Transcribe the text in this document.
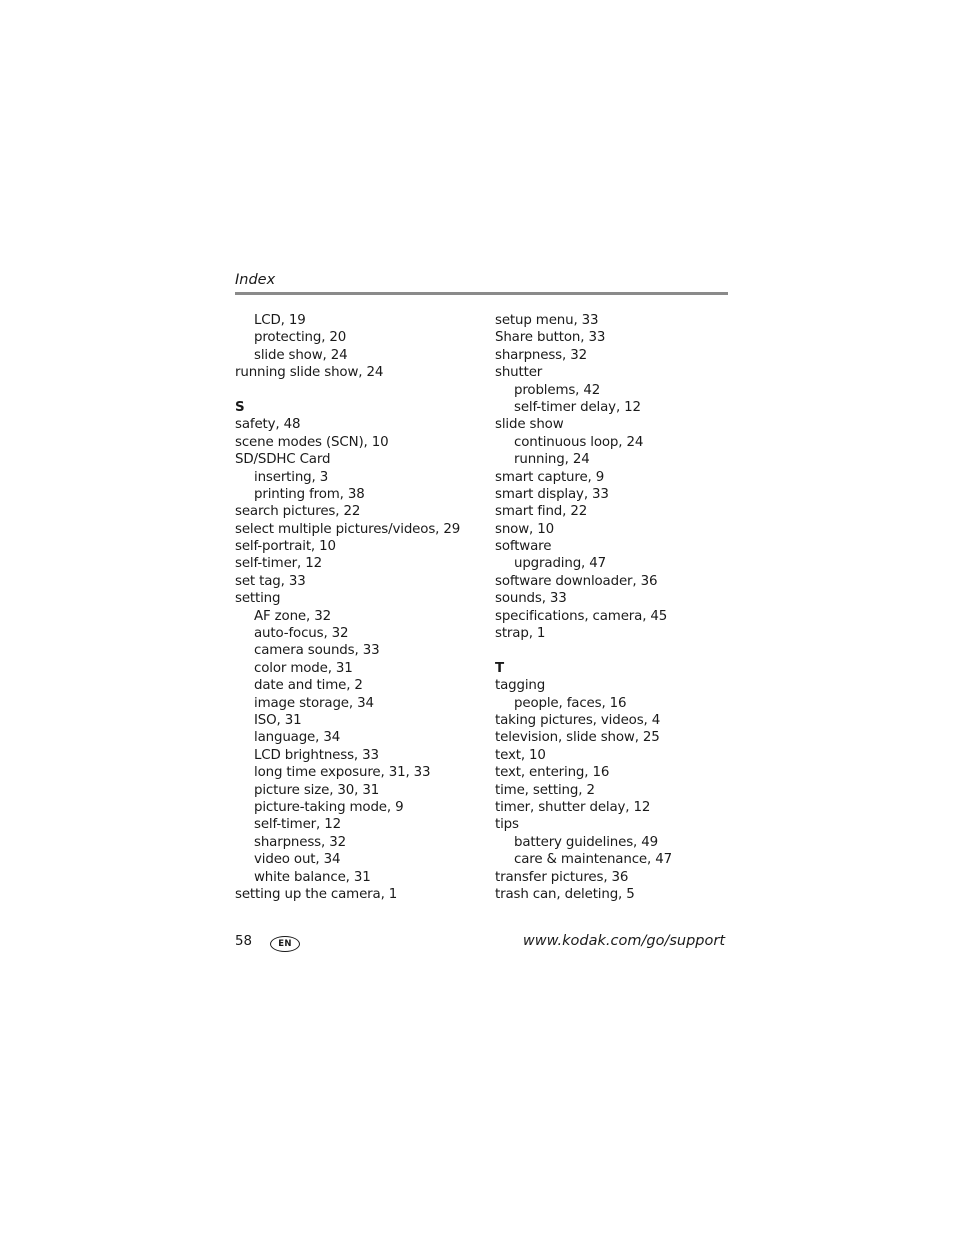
Index
LCD, 19
protecting, 20
slide show, 24
running slide show, 24
S
safety, 48
scene modes (SCN), 10
SD/SDHC Card
inserting, 3
printing from, 38
search pictures, 22
select multiple pictures/videos, 29
self-portrait, 10
self-timer, 12
set tag, 33
setting
AF zone, 32
auto-focus, 32
camera sounds, 33
color mode, 31
date and time, 2
image storage, 34
ISO, 31
language, 34
LCD brightness, 33
long time exposure, 31, 33
picture size, 30, 31
picture-taking mode, 9
self-timer, 12
sharpness, 32
video out, 34
white balance, 31
setting up the camera, 1
setup menu, 33
Share button, 33
sharpness, 32
shutter
problems, 42
self-timer delay, 12
slide show
continuous loop, 24
running, 24
smart capture, 9
smart display, 33
smart find, 22
snow, 10
software
upgrading, 47
software downloader, 36
sounds, 33
specifications, camera, 45
strap, 1
T
tagging
people, faces, 16
taking pictures, videos, 4
television, slide show, 25
text, 10
text, entering, 16
time, setting, 2
timer, shutter delay, 12
tips
battery guidelines, 49
care & maintenance, 47
transfer pictures, 36
trash can, deleting, 5
58	EN	www.kodak.com/go/support
